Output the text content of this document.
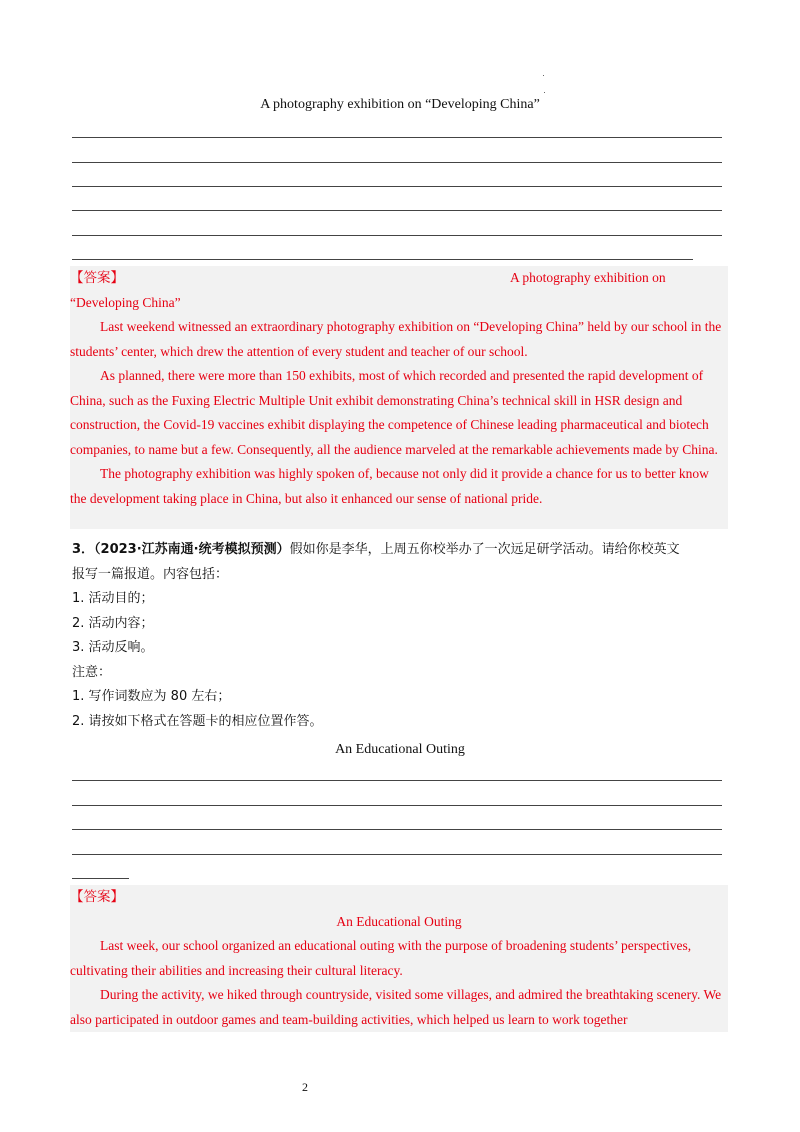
A photography exhibition on “Developing China”
【答案】	A photography exhibition on

“Developing China”

Last weekend witnessed an extraordinary photography exhibition on “Developing China” held by our school in the students’ center, which drew the attention of every student and teacher of our school.

As planned, there were more than 150 exhibits, most of which recorded and presented the rapid development of China, such as the Fuxing Electric Multiple Unit exhibit demonstrating China’s technical skill in HSR design and construction, the Covid-19 vaccines exhibit displaying the competence of Chinese leading pharmaceutical and biotech companies, to name but a few. Consequently, all the audience marveled at the remarkable achievements made by China.

The photography exhibition was highly spoken of, because not only did it provide a chance for us to better know the development taking place in China, but also it enhanced our sense of national pride.

3．（2023·江苏南通·统考模拟预测）假如你是李华，上周五你校举办了一次远足研学活动。请给你校英文
报写一篇报道。内容包括：
1. 活动目的；
2. 活动内容；
3. 活动反响。
注意：
1. 写作词数应为 80 左右；
2. 请按如下格式在答题卡的相应位置作答。
An Educational Outing

【答案】

An Educational Outing

Last week, our school organized an educational outing with the purpose of broadening students’ perspectives, cultivating their abilities and increasing their cultural literacy.

During the activity, we hiked through countryside, visited some villages, and admired the breathtaking scenery. We also participated in outdoor games and team-building activities, which helped us learn to work together

2
